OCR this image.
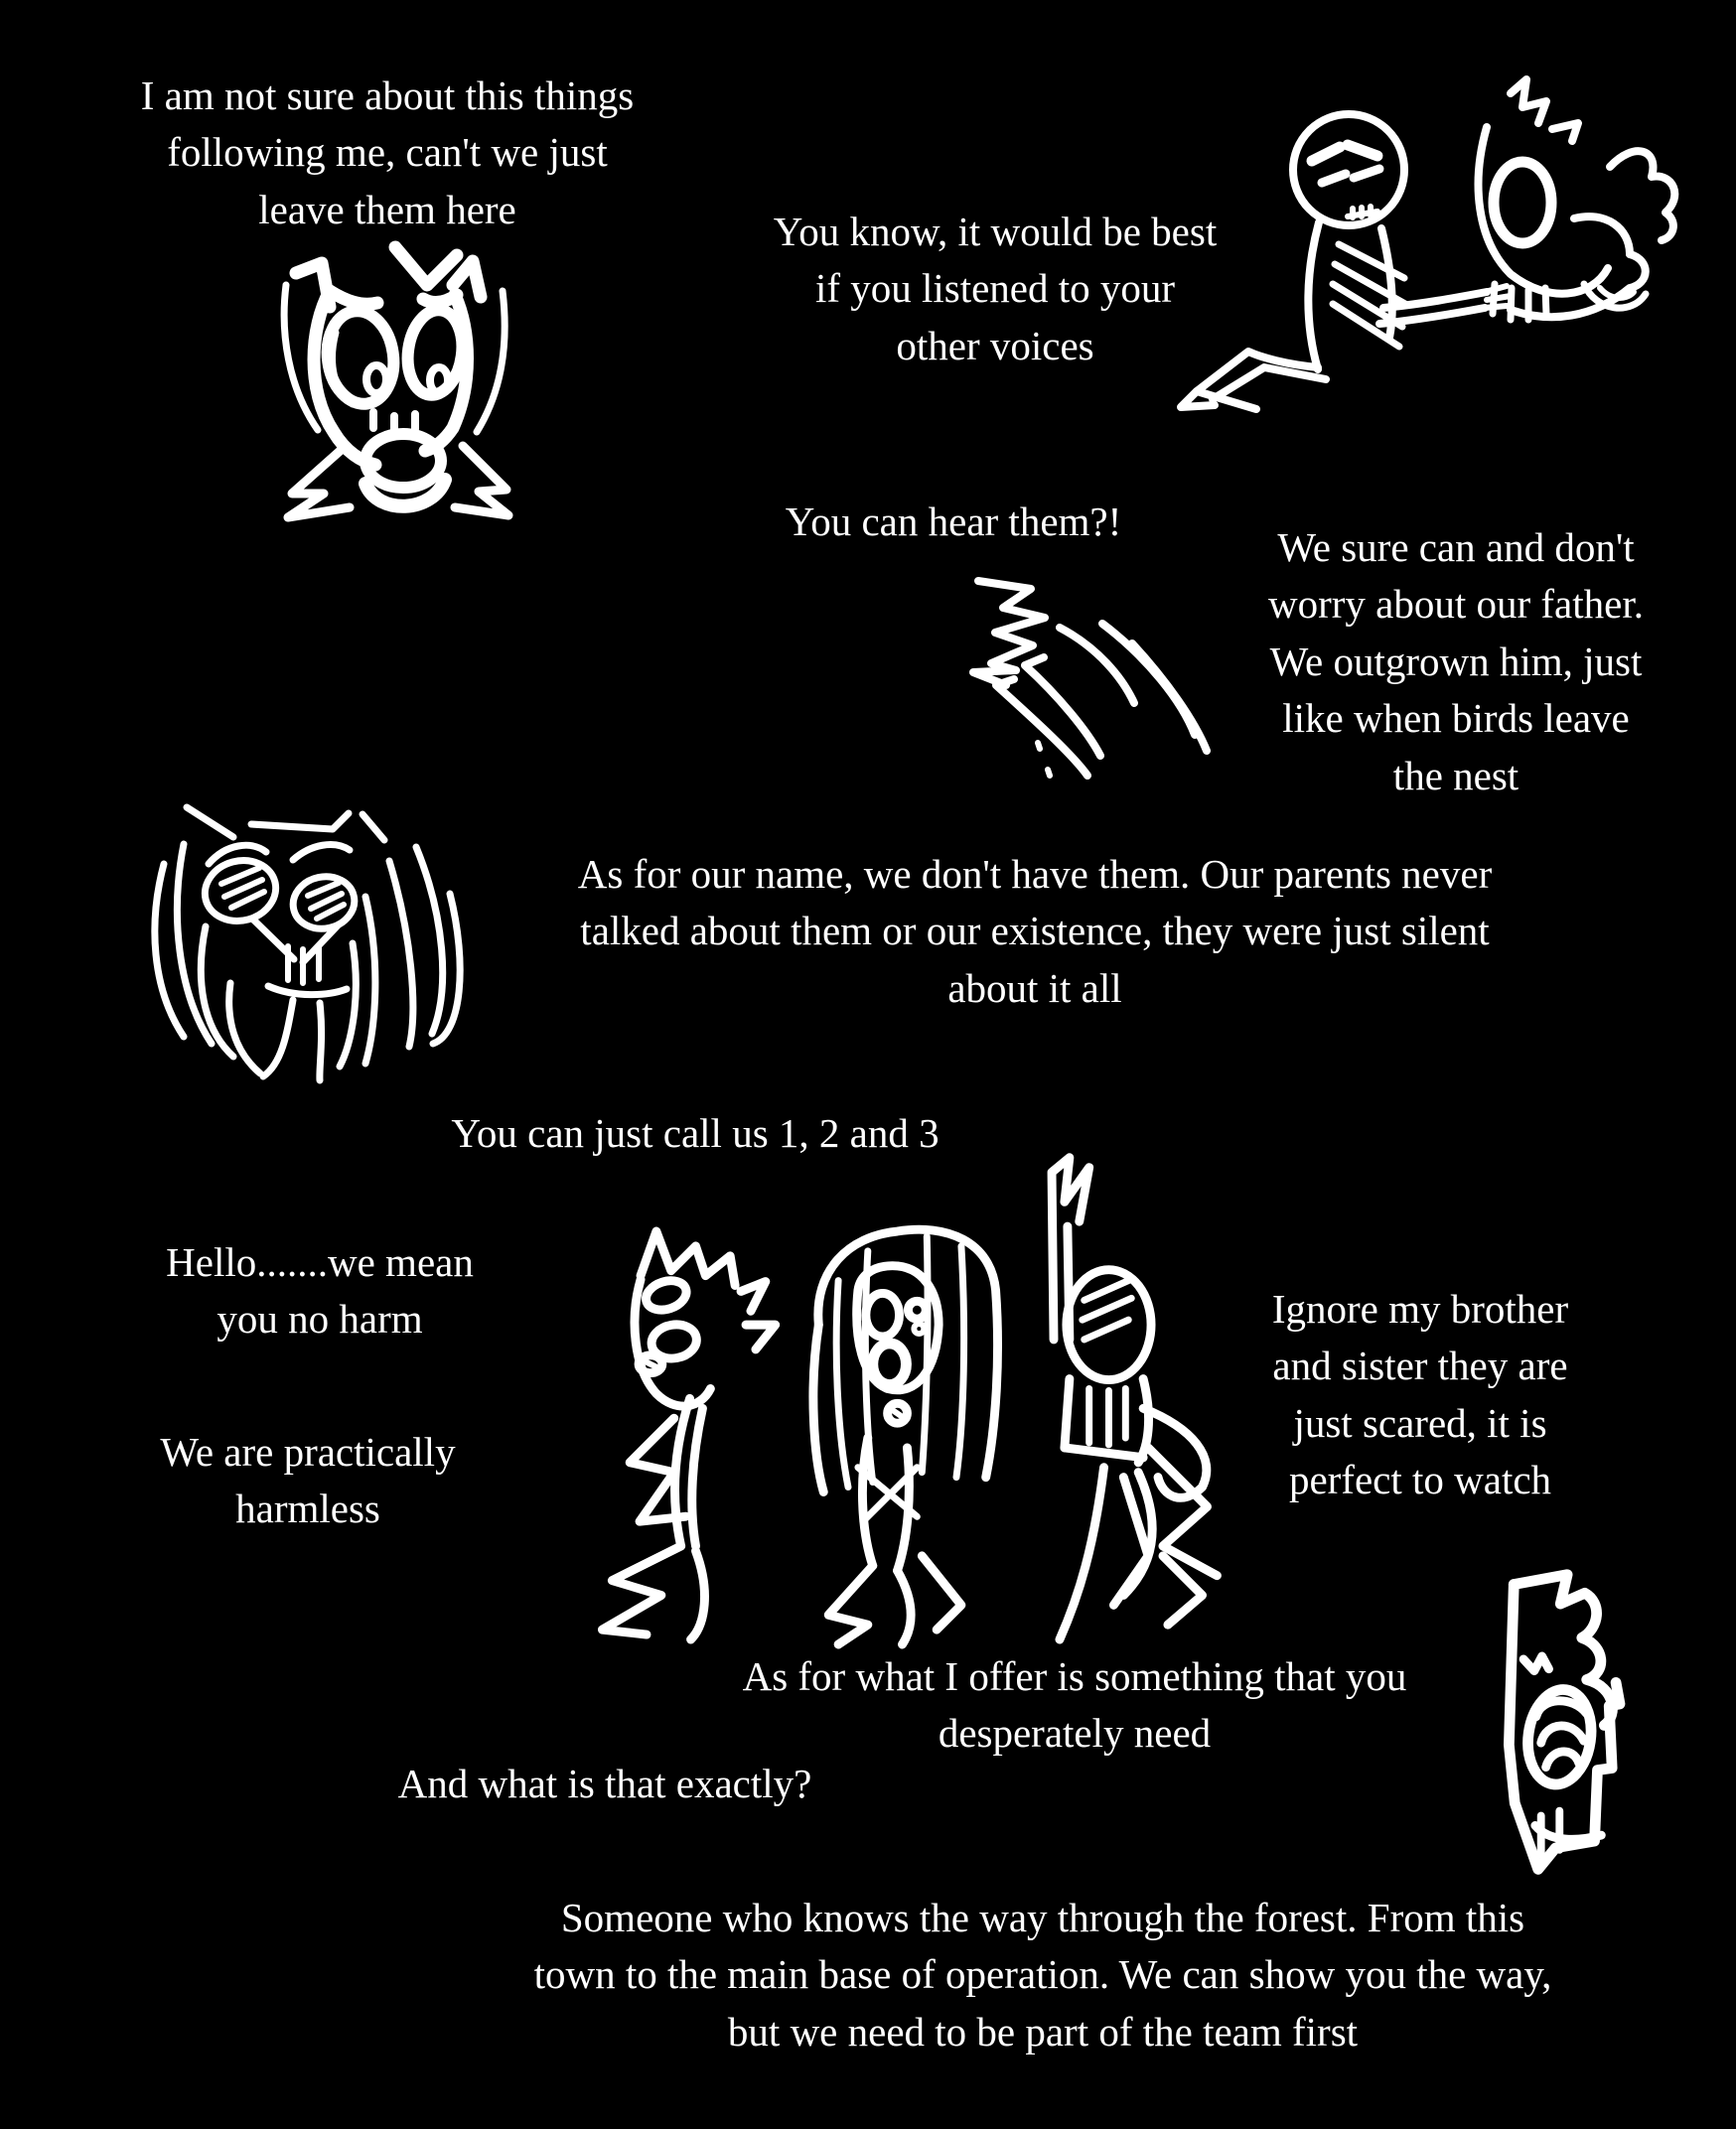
I am not sure about this things
following me, can't we just
leave them here	You know, it would be best
if you listened to your
other voices
You can hear them?!
We sure can and don't
worry about our father.
We outgrown him, just
like when birds leave
the nest
As for our name, we don't have them. Our parents never
talked about them or our existence, they were just silent
about it all
You can just call us 1, 2 and 3
Hello.......we mean
you no harm
We are practically
harmless
Ignore my brother
and sister they are
just scared, it is
perfect to watch
As for what I offer is something that you
desperately need
And what is that exactly?
Someone who knows the way through the forest. From this
town to the main base of operation. We can show you the way,
but we need to be part of the team first
